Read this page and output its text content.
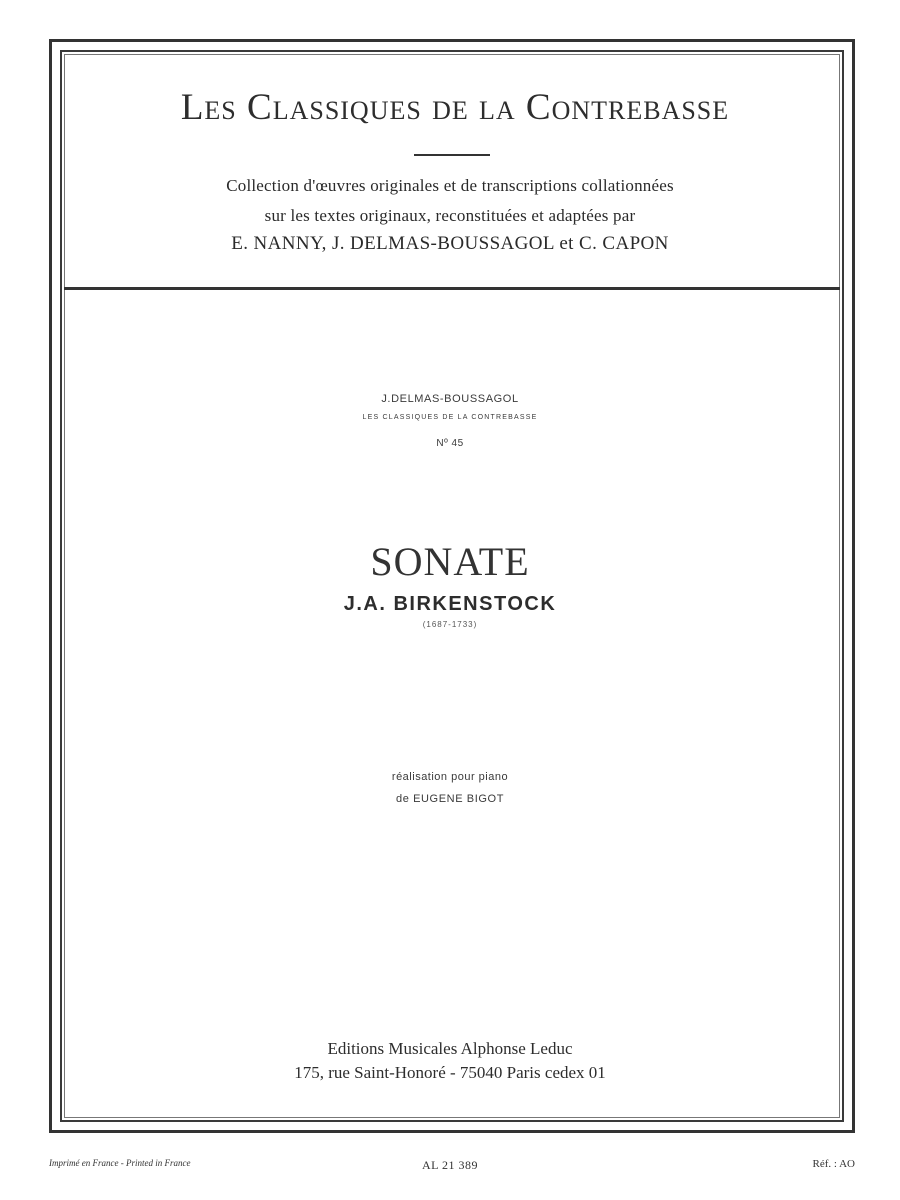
Les Classiques de la Contrebasse
Collection d'œuvres originales et de transcriptions collationnées
sur les textes originaux, reconstituées et adaptées par
E. NANNY, J. DELMAS-BOUSSAGOL et C. CAPON
J.DELMAS-BOUSSAGOL
LES CLASSIQUES DE LA CONTREBASSE
Nº 45
SONATE
J.A. BIRKENSTOCK
(1687-1733)
réalisation pour piano
de EUGENE BIGOT
Editions Musicales Alphonse Leduc
175, rue Saint-Honoré - 75040 Paris cedex 01
Imprimé en France - Printed in France	AL 21 389	Réf. : AO
